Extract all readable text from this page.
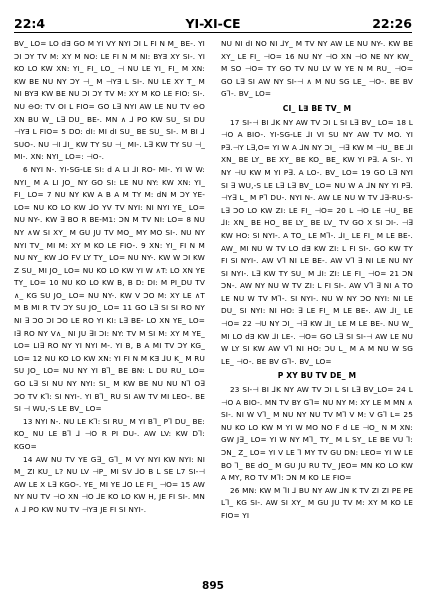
22:4	YI-XI-CE	22:26

BV_ LO= LO dƎ GO M YI VY NYI ƆI L FI N M_ BE-. YI ƆI ƆY TV M: XY M NO: LE FI N M NI: BYƎ XY SI-. YI KO LO KW XN: YI_ FI_ LO_ ⊣ NU LE YI_ FI_ M XN: KW BE NU NY ƆY ⊣_ M ⊣YƎ L SI-. NU LE XY T_ M NI BYƎ KW BE NU ƆI ƆY TV M: XY M KO LE FIO: SI-. NU ⊖O: TV OI L FIO= GO L∃ NYI AW LE NU TV ⊖O XN BU W_ L∃ DU_ BE-. MN ∧ ⅃ PO KW SU_ SI DU ⊣YƎ L FIO= 5 DO: dI: MI dI SU_ BE SU_ SI-. M BI ⅃ SUO-. NU ⊣I ⅃I_ KW TY SU ⊣_ MI-. L∃ KW TY SU ⊣_ MI-. XN: NYI_ LO=: ⊣O-.

6 NYI N-. YI-SG-LE SI: d A LI ⅃I RO- MI-. YI W W: NYI_ M A LI JO_ NY GO SI: LE NU NY: KW XN: YI_ FI_ LO= 7 NU NY KW A B A M TY M: dN M ƆY YE- LO= NU KO LO KW ⅃O YV TV NYI: NI NYI YE_ LO= NU NY-. KW ∃ BO R BE-M1: ƆN M TV NI: LO= 8 NU NY ∧W SI XY_ M GU JU TV MO_ MY MO SI-. NU NY NYI TV_ MI M: XY M KO LE FIO-. 9 XN: YI_ FI N M NU NY_ KW ⅃O FV LY TY_ LO= NU NY-. KW W ƆI KW Z SU_ MI JO_ LO= NU KO LO KW YI W ∧T: LO XN YE TY_ LO= 10 NU KO LO KW B, B D: DI: M PI_DU TV ∧_ KG SU JO_ LO= NU NY-. KW V ƆO M: XY LE ∧T M B MI R TV ƆY SU JO_ LO= 11 GO L∃ SI SI RO NY NI ∃ ƆO ƆI ƆO LE RO YI KI: L∃ BE- LO XN YE_ LO= I∃ RO NY V∧_ NI JU ∃I ƆI: NY: TV M SI M: XY M YE_ LO= LI∃ RO NY YI NYI M-. YI B, B A MI TV ƆY KG_ LO= 12 NU KO LO KW XN: YI FI N M KƎ ⅃U K_ M RU SU JO_ LO= NU NY YI B⅂_ BE BN: L DU RU_ LO= GO L∃ SI NU NY NYI: SI_ M KW BE NU NU N⅂ O∃ ƆO TV K⅂: SI NYI-. YI B⅂_ RU SI AW TV MI LEO-. BE SI ⊣ WU,-S LE BV_ LO=

13 NYI N-. NU LE K⅂: SI RU_ M YI B⅂_ P⅂ DU_ BE: KO_ NU LE B⅂ ⅃ ⊣O R PI DU-. AW LV: KW D⅂: KGO=

14 AW NU TV YE G∃_ G⅂_ M VY NYI KW NYI: NI M_ ZI KU_ L? NU LV ⊣P_ MI SV ⅃O B L SE L7 SI-⊣ AW LE X L∃ KGO-. YE_ MI YE ⅃O LE FI_ ⊣O= 15 AW NY NU TV ⊣O XN ⊣O ⅃E KO LO KW H, JE FI SI-. MN ∧ ⅃ PO KW NU TV ⊣YƎ JE FI SI NYI-.

NU NI dI NO NI ⅃Y_ M TV NY AW LE NU NY-. KW BE XY_ LE FI_ ⊣O= 16 NU NY ⊣O XN ⊣O NE NY KW_ M SO ⊣O= TY GO TV NU LV W YE N M RU_ ⊣O= GO L∃ SI AW NY SI-⊣ ∧ M NU SG LE_ ⊣O-. BE BV G⅂-. BV_ LO=

CI_ L∃ BE TV_ M

17 SI-⊣ BI ⅃K NY AW TV ƆI L SI L∃ BV_ LO= 18 L ⊣O A BIO-. YI-SG-LE ⅃I VI SU NY AW TV MO. YI P∃.⊣Y L∃,O= YI W A ⅃N NY ƆI_ ⊣∃ KW M ⊣U_ BE ⅃I XN_ BE LY_ BE XY_ BE KO_ BE_ KW YI P∃. A SI-. YI NY ⊣U KW M YI P∃. A LO-. BV_ LO= 19 GO L∃ NYI SI ∃ WU,-S LE L∃ L∃ BV_ LO= NU W A ⅃N NY YI P∃. ⊣Y∃ L_ M P⅂ DU-. NYI N-. AW LE NU W TV ⅃∃-RU-S-L∃ ƆO LO KW ZI: LE FI_ ⊣O= 20 L ⊣O LE ⊣U_ BE ⅃I: XN_ BE HO_ BE LY_ BE LV_ TV GO X SI ƆI-. ⊣∃ KW HO: SI NYI-. A TO_ LE M⅂-. ⅃I_ LE FI_ M LE BE-. AW_ MI NU W TV LO dƎ KW ZI: L FI SI-. GO KW TY FI SI NYI-. AW V⅂ NI LE BE-. AW V⅂ ∃ NI LE NU NY SI NYI-. L∃ KW TY SU_ M ⅃I: ZI: LE FI_ ⊣O= 21 ƆN ƆN-. AW NY NU W TV ZI: L FI SI-. AW V⅂ ∃ NI A TO LE NU W TV M⅂-. SI NYI-. NU W NY ƆO NYI: NI LE DU_ SI NYI: NI HO: ∃ LE FI_ M LE BE-. AW ⅃I_ LE ⊣O= 22 ⊣U NY ƆI_ ⊣∃ KW ⅃I_ LE M LE BE-. NU W_ MI LO dƎ KW ⅃I LE-. ⊣O= GO L∃ SI SI-⊣ AW LE NU W LY SI KW AW V⅂ NI HO: ƆU L_ M A M NU W SG LE_ ⊣O-. BE BV G⅂-. BV_ LO=

P XY BU TV DE_ M

23 SI-⊣ BI ⅃K NY AW TV ƆI L SI L∃ BV_LO= 24 L ⊣O A BIO-. MN TV BY G⅂= NU NY M: XY LE M MN ∧ SI-. NI W V⅂_ M NU NY NU TV M⅂ V M: V G⅂ L= 25 NU KO LO KW M YI W MO NO F d LE ⊣O_ N M XN: GW J∃_ LO= YI W NY M⅂_ TY_ M L SY_ LE BE VU ⅂: ƆN_ Z_ LO= YI V LE ⅂ MY TV GU DN: LEO= YI W LE BO ⅂_ BE dO_ M GU JU RU TV_ JEO= MN KO LO KW A MY, RO TV M⅂: ƆN M KO LE FIO=

26 MN: KW M ⅂I ⅃ BU NY AW ⅃N K TV ZI ZI PE PE L⅂_ KG SI-. AW SI XY_ M GU JU TV M: XY M KO LE FIO= YI

895
